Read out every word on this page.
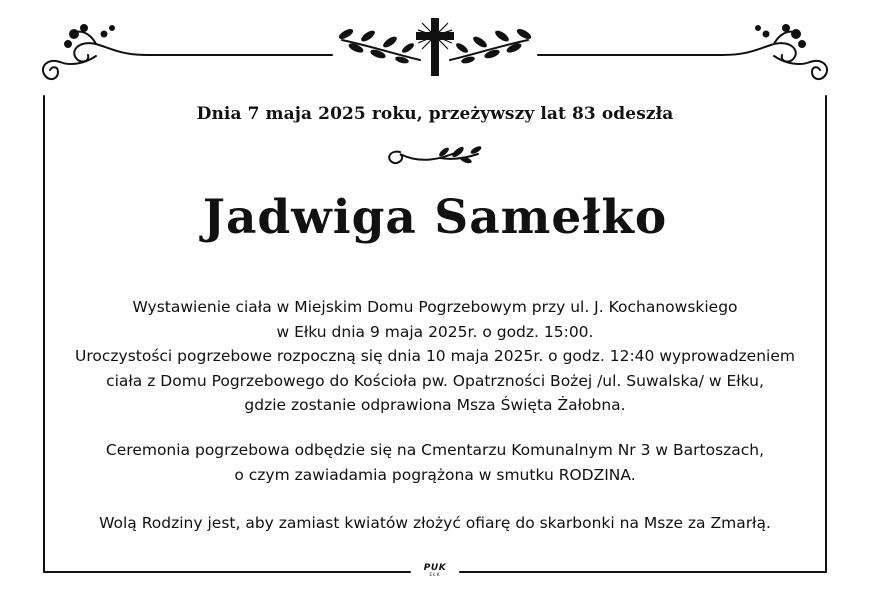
Dnia 7 maja 2025 roku, przeżywszy lat 83 odeszła
Jadwiga Samełko
Wystawienie ciała w Miejskim Domu Pogrzebowym przy ul. J. Kochanowskiego
w Ełku dnia 9 maja 2025r. o godz. 15:00.
Uroczystości pogrzebowe rozpoczną się dnia 10 maja 2025r. o godz. 12:40 wyprowadzeniem
ciała z Domu Pogrzebowego do Kościoła pw. Opatrzności Bożej /ul. Suwalska/ w Ełku,
gdzie zostanie odprawiona Msza Święta Żałobna.
Ceremonia pogrzebowa odbędzie się na Cmentarzu Komunalnym Nr 3 w Bartoszach,
o czym zawiadamia pogrążona w smutku RODZINA.
Wolą Rodziny jest, aby zamiast kwiatów złożyć ofiarę do skarbonki na Msze za Zmarłą.
PUK
EŁK
